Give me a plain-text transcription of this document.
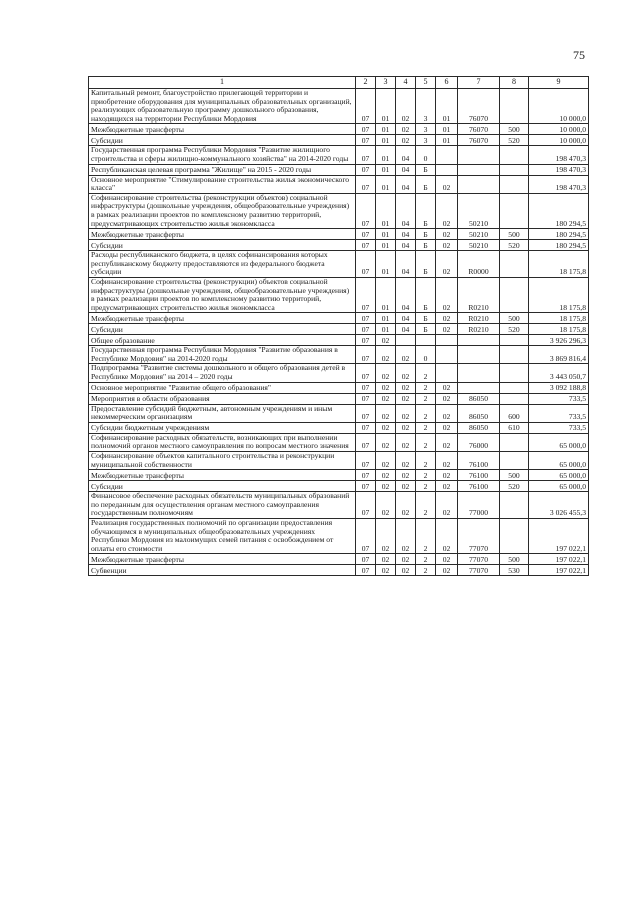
75
1	2	3	4	5	6	7	8	9
Капитальный ремонт, благоустройство прилегающей территории и приобретение оборудования для муниципальных образовательных организаций, реализующих образовательную программу дошкольного образования, находящихся на территории Республики Мордовия	07	01	02	3	01	76070		10 000,0
Межбюджетные трансферты	07	01	02	3	01	76070	500	10 000,0
Субсидии	07	01	02	3	01	76070	520	10 000,0
Государственная программа Республики Мордовия "Развитие жилищного строительства и сферы жилищно-коммунального хозяйства" на 2014-2020 годы	07	01	04	0				198 470,3
Республиканская целевая программа "Жилище" на 2015 - 2020 годы	07	01	04	Б				198 470,3
Основное мероприятие "Стимулирование строительства жилья экономического класса"	07	01	04	Б	02			198 470,3
Софинансирование строительства (реконструкции объектов) социальной инфраструктуры (дошкольные учреждения, общеобразовательные учреждения) в рамках реализации проектов по комплексному развитию территорий, предусматривающих строительство жилья экономкласса	07	01	04	Б	02	50210		180 294,5
Межбюджетные трансферты	07	01	04	Б	02	50210	500	180 294,5
Субсидии	07	01	04	Б	02	50210	520	180 294,5
Расходы республиканского бюджета, в целях софинансирования которых республиканскому бюджету предоставляются из федерального бюджета субсидии	07	01	04	Б	02	R0000		18 175,8
Софинансирование строительства (реконструкции) объектов социальной инфраструктуры (дошкольные учреждения, общеобразовательные учреждения) в рамках реализации проектов по комплексному развитию территорий, предусматривающих строительство жилья экономкласса	07	01	04	Б	02	R0210		18 175,8
Межбюджетные трансферты	07	01	04	Б	02	R0210	500	18 175,8
Субсидии	07	01	04	Б	02	R0210	520	18 175,8
Общее образование	07	02						3 926 296,3
Государственная программа Республики Мордовия "Развитие образования в Республике Мордовия" на 2014-2020 годы	07	02	02	0				3 869 816,4
Подпрограмма "Развитие системы дошкольного и общего образования детей в Республике Мордовия" на 2014 – 2020 годы	07	02	02	2				3 443 050,7
Основное мероприятие "Развитие общего образования"	07	02	02	2	02			3 092 188,8
Мероприятия в области образования	07	02	02	2	02	86050		733,5
Предоставление субсидий бюджетным, автономным учреждениям и иным некоммерческим организациям	07	02	02	2	02	86050	600	733,5
Субсидии бюджетным учреждениям	07	02	02	2	02	86050	610	733,5
Софинансирование расходных обязательств, возникающих при выполнении полномочий органов местного самоуправления по вопросам местного значения	07	02	02	2	02	76000		65 000,0
Софинансирование объектов капитального строительства и реконструкции муниципальной собственности	07	02	02	2	02	76100		65 000,0
Межбюджетные трансферты	07	02	02	2	02	76100	500	65 000,0
Субсидии	07	02	02	2	02	76100	520	65 000,0
Финансовое обеспечение расходных обязательств муниципальных образований по переданным для осуществления органам местного самоуправления государственным полномочиям	07	02	02	2	02	77000		3 026 455,3
Реализация государственных полномочий по организации предоставления обучающимся в муниципальных общеобразовательных учреждениях Республики Мордовия из малоимущих семей питания с освобождением от оплаты его стоимости	07	02	02	2	02	77070		197 022,1
Межбюджетные трансферты	07	02	02	2	02	77070	500	197 022,1
Субвенции	07	02	02	2	02	77070	530	197 022,1
